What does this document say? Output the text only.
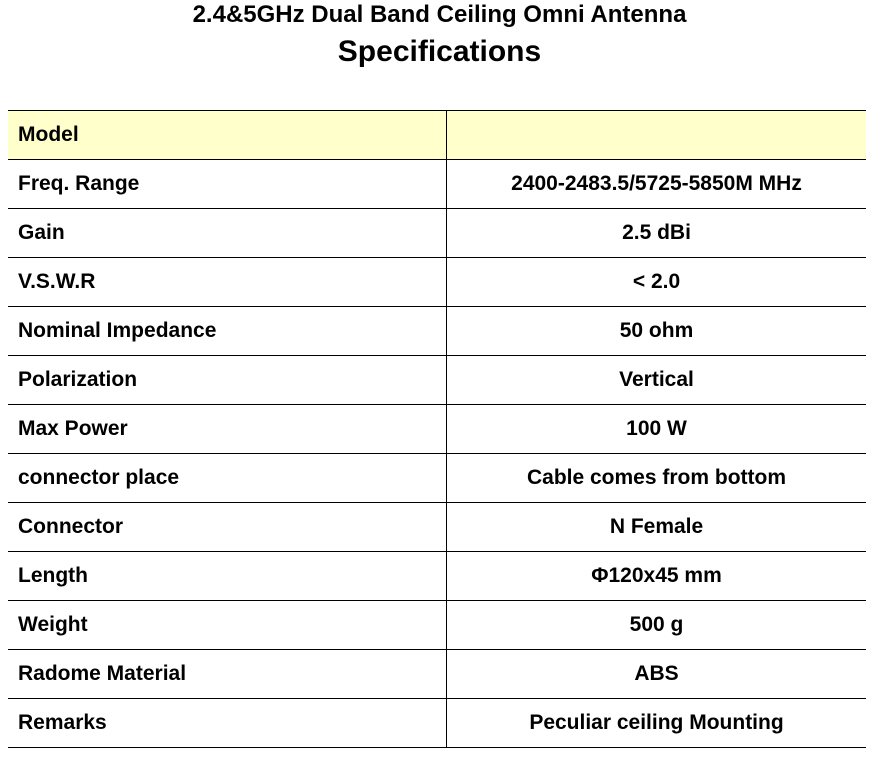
2.4&5GHz Dual Band Ceiling Omni Antenna
Specifications
Model	
Freq. Range	2400-2483.5/5725-5850M MHz
Gain	2.5 dBi
V.S.W.R	< 2.0
Nominal Impedance	50 ohm
Polarization	Vertical
Max Power	100 W
connector place	Cable comes from bottom
Connector	N Female
Length	Φ120x45 mm
Weight	500 g
Radome Material	ABS
Remarks	Peculiar ceiling Mounting
